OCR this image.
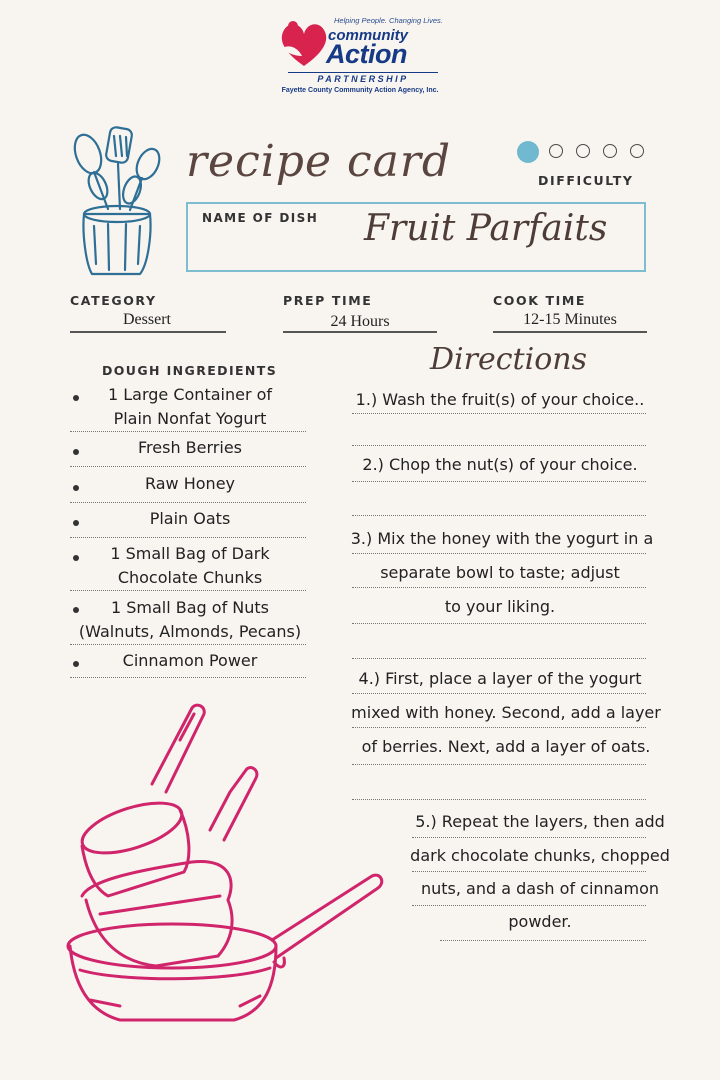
Helping People. Changing Lives.
community
Action
PARTNERSHIP
Fayette County Community Action Agency, Inc.
recipe card	DIFFICULTY
NAME OF DISH Fruit Parfaits
CATEGORY
Dessert
PREP TIME
24 Hours
COOK TIME
12-15 Minutes
DOUGH INGREDIENTS
1 Large Container of
Plain Nonfat Yogurt
Fresh Berries
Raw Honey
Plain Oats
1 Small Bag of Dark
Chocolate Chunks
1 Small Bag of Nuts
(Walnuts, Almonds, Pecans)
Cinnamon Power
Directions
1.) Wash the fruit(s) of your choice..
2.) Chop the nut(s) of your choice.
3.) Mix the honey with the yogurt in a
separate bowl to taste; adjust
to your liking.
4.) First, place a layer of the yogurt
mixed with honey. Second, add a layer
of berries. Next, add a layer of oats.
5.) Repeat the layers, then add
dark chocolate chunks, chopped
nuts, and a dash of cinnamon
powder.
